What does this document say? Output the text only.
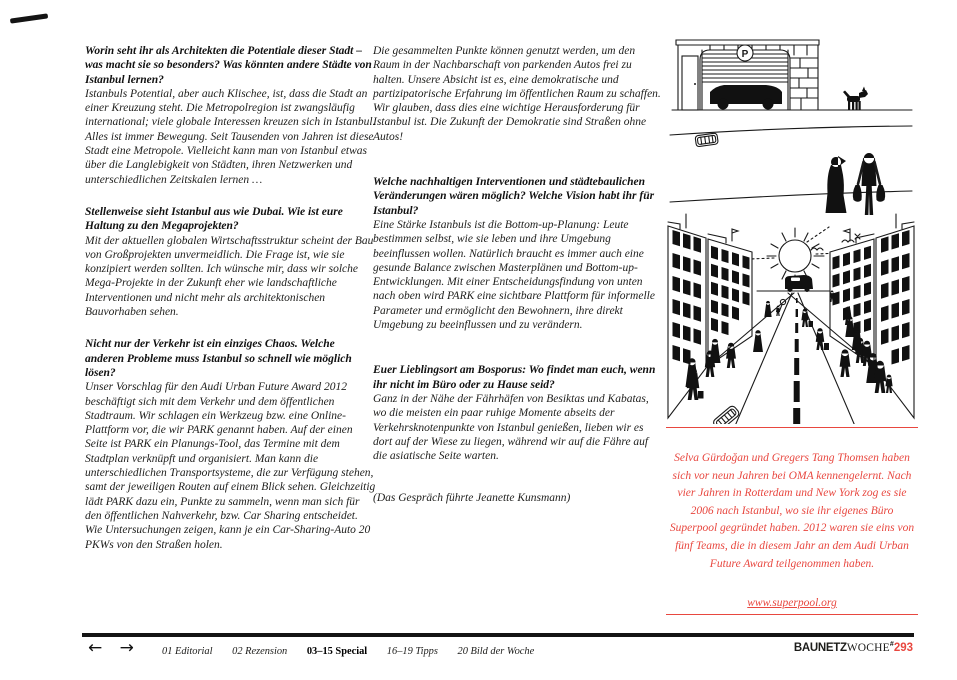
Worin seht ihr als Architekten die Potentiale dieser Stadt – was macht sie so besonders? Was könnten andere Städte von Istanbul lernen?
Istanbuls Potential, aber auch Klischee, ist, dass die Stadt an einer Kreuzung steht. Die Metropolregion ist zwangsläufig international; viele globale Interessen kreuzen sich in Istanbul. Alles ist immer Bewegung. Seit Tausenden von Jahren ist diese Stadt eine Metropole. Vielleicht kann man von Istanbul etwas über die Langlebigkeit von Städten, ihren Netzwerken und unterschiedlichen Zeitskalen lernen …
Stellenweise sieht Istanbul aus wie Dubai. Wie ist eure Haltung zu den Megaprojekten?
Mit der aktuellen globalen Wirtschaftsstruktur scheint der Bau von Großprojekten unvermeidlich. Die Frage ist, wie sie konzipiert werden sollten. Ich wünsche mir, dass wir solche Mega-Projekte in der Zukunft eher wie landschaftliche Interventionen und nicht mehr als architektonischen Bauvorhaben sehen.
Nicht nur der Verkehr ist ein einziges Chaos. Welche anderen Probleme muss Istanbul so schnell wie möglich lösen?
Unser Vorschlag für den Audi Urban Future Award 2012 beschäftigt sich mit dem Verkehr und dem öffentlichen Stadtraum. Wir schlagen ein Werkzeug bzw. eine Online-Plattform vor, die wir PARK genannt haben. Auf der einen Seite ist PARK ein Planungs-Tool, das Termine mit dem Stadtplan verknüpft und organisiert. Man kann die unterschiedlichen Transportsysteme, die zur Verfügung stehen, samt der jeweiligen Routen auf einem Blick sehen. Gleichzeitig lädt PARK dazu ein, Punkte zu sammeln, wenn man sich für den öffentlichen Nahverkehr, bzw. Car Sharing entscheidet. Wie Untersuchungen zeigen, kann je ein Car-Sharing-Auto 20 PKWs von den Straßen holen.
Die gesammelten Punkte können genutzt werden, um den Raum in der Nachbarschaft von parkenden Autos frei zu halten. Unsere Absicht ist es, eine demokratische und partizipatorische Erfahrung im öffentlichen Raum zu schaffen. Wir glauben, dass dies eine wichtige Herausforderung für Istanbul ist. Die Zukunft der Demokratie sind Straßen ohne Autos!
Welche nachhaltigen Interventionen und städtebaulichen Veränderungen wären möglich? Welche Vision habt ihr für Istanbul?
Eine Stärke Istanbuls ist die Bottom-up-Planung: Leute bestimmen selbst, wie sie leben und ihre Umgebung beeinflussen wollen. Natürlich braucht es immer auch eine gesunde Balance zwischen Masterplänen und Bottom-up-Entwicklungen. Mit einer Entscheidungsfindung von unten nach oben wird PARK eine sichtbare Plattform für informelle Parameter und ermöglicht den Bewohnern, ihre direkt Umgebung zu beeinflussen und zu verändern.
Euer Lieblingsort am Bosporus: Wo findet man euch, wenn ihr nicht im Büro oder zu Hause seid?
Ganz in der Nähe der Fährhäfen von Besiktas und Kabatas, wo die meisten ein paar ruhige Momente abseits der Verkehrsknotenpunkte von Istanbul genießen, lieben wir es dort auf der Wiese zu liegen, während wir auf die Fähre auf die asiatische Seite warten.
(Das Gespräch führte Jeanette Kunsmann)
P
Selva Gürdoğan und Gregers Tang Thomsen haben sich vor neun Jahren bei OMA kennengelernt. Nach vier Jahren in Rotterdam und New York zog es sie 2006 nach Istanbul, wo sie ihr eigenes Büro Superpool gegründet haben. 2012 waren sie eins von fünf Teams, die in diesem Jahr an dem Audi Urban Future Award teilgenommen haben.
www.superpool.org
← →	01 Editorial 02 Rezension 03–15 Special 16–19 Tipps 20 Bild der Woche	BAUNETZWOCHE#293
